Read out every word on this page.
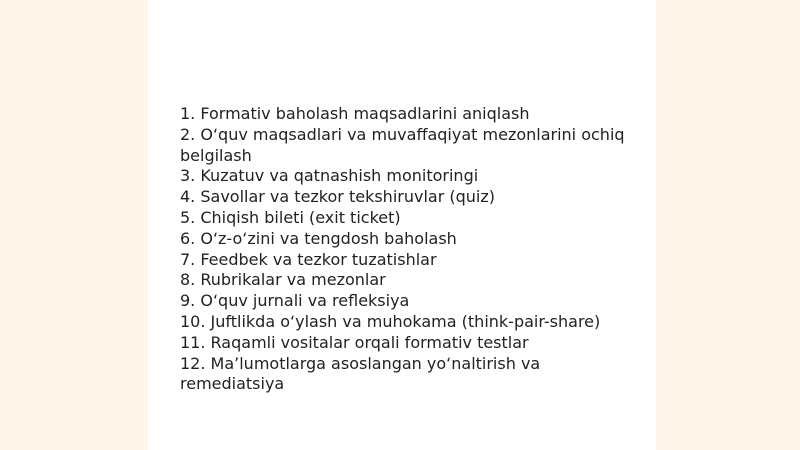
1. Formativ baholash maqsadlarini aniqlash
2. O‘quv maqsadlari va muvaffaqiyat mezonlarini ochiq belgilash
3. Kuzatuv va qatnashish monitoringi
4. Savollar va tezkor tekshiruvlar (quiz)
5. Chiqish bileti (exit ticket)
6. O‘z-o‘zini va tengdosh baholash
7. Feedbek va tezkor tuzatishlar
8. Rubrikalar va mezonlar
9. O‘quv jurnali va refleksiya
10. Juftlikda o‘ylash va muhokama (think-pair-share)
11. Raqamli vositalar orqali formativ testlar
12. Ma’lumotlarga asoslangan yo‘naltirish va remediatsiya
